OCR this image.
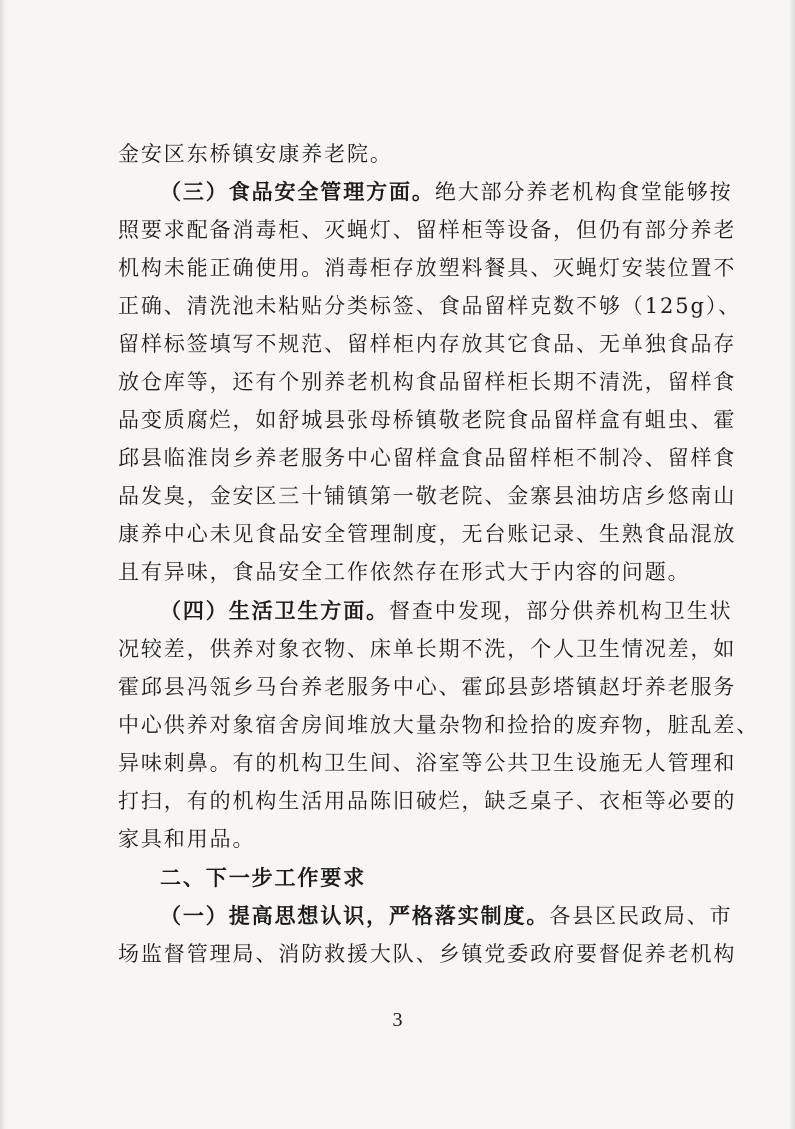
金安区东桥镇安康养老院。
（三）食品安全管理方面。绝大部分养老机构食堂能够按
照要求配备消毒柜、灭蝇灯、留样柜等设备，但仍有部分养老
机构未能正确使用。消毒柜存放塑料餐具、灭蝇灯安装位置不
正确、清洗池未粘贴分类标签、食品留样克数不够（125g）、
留样标签填写不规范、留样柜内存放其它食品、无单独食品存
放仓库等，还有个别养老机构食品留样柜长期不清洗，留样食
品变质腐烂，如舒城县张母桥镇敬老院食品留样盒有蛆虫、霍
邱县临淮岗乡养老服务中心留样盒食品留样柜不制冷、留样食
品发臭，金安区三十铺镇第一敬老院、金寨县油坊店乡悠南山
康养中心未见食品安全管理制度，无台账记录、生熟食品混放
且有异味，食品安全工作依然存在形式大于内容的问题。
（四）生活卫生方面。督查中发现，部分供养机构卫生状
况较差，供养对象衣物、床单长期不洗，个人卫生情况差，如
霍邱县冯瓴乡马台养老服务中心、霍邱县彭塔镇赵圩养老服务
中心供养对象宿舍房间堆放大量杂物和捡拾的废弃物，脏乱差、
异味刺鼻。有的机构卫生间、浴室等公共卫生设施无人管理和
打扫，有的机构生活用品陈旧破烂，缺乏桌子、衣柜等必要的
家具和用品。
二、下一步工作要求
（一）提高思想认识，严格落实制度。各县区民政局、市
场监督管理局、消防救援大队、乡镇党委政府要督促养老机构
3
